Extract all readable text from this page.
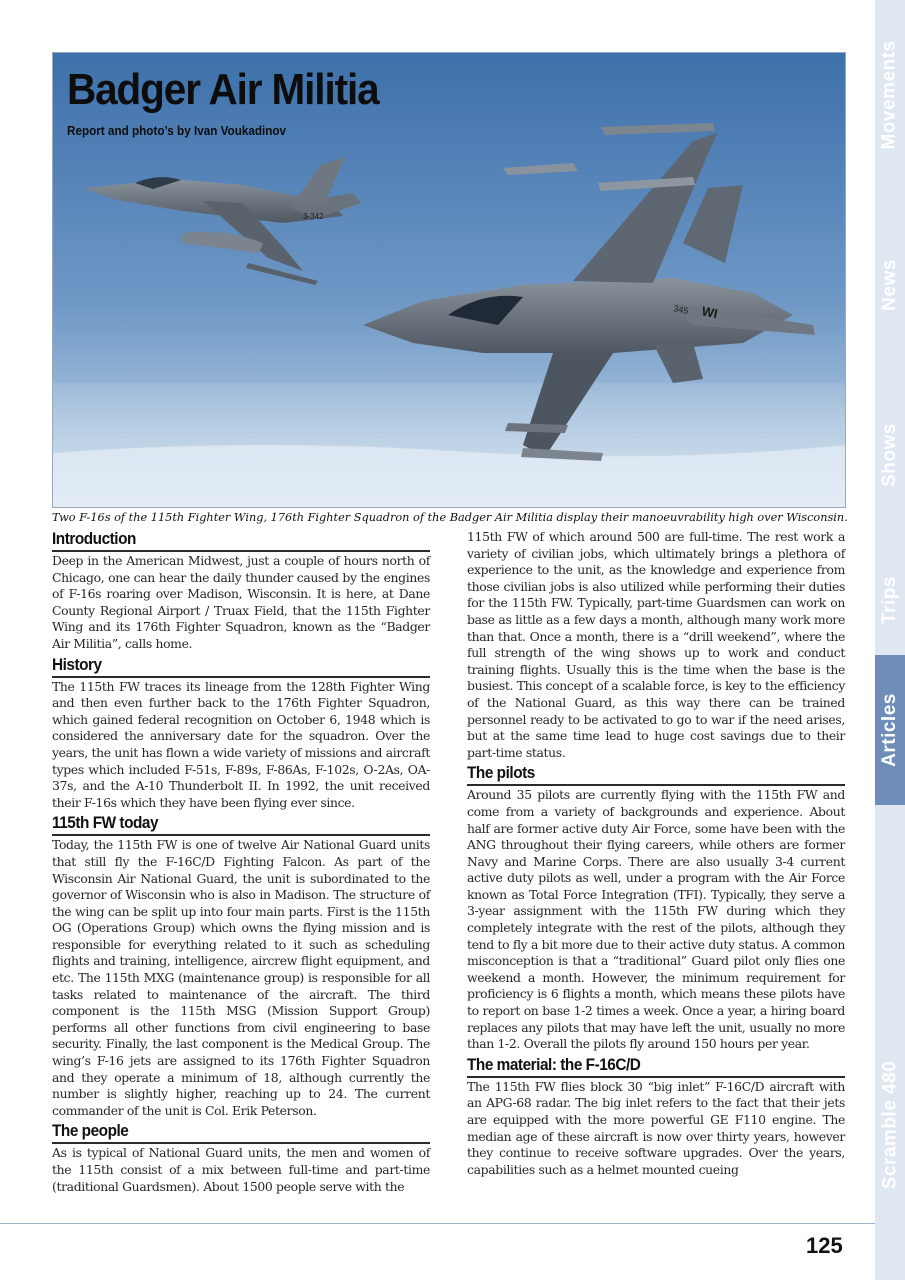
Movements
News
Shows
Trips
Articles
Scramble 480
WI
345
3-342
Badger Air Militia
Report and photo’s by Ivan Voukadinov
Two F-16s of the 115th Fighter Wing, 176th Fighter Squadron of the Badger Air Militia display their manoeuvrability high over Wisconsin.
Introduction

Deep in the American Midwest, just a couple of hours north of Chicago, one can hear the daily thunder caused by the engines of F-16s roaring over Madison, Wisconsin. It is here, at Dane County Regional Airport / Truax Field, that the 115th Fighter Wing and its 176th Fighter Squadron, known as the “Badger Air Militia”, calls home.

History

The 115th FW traces its lineage from the 128th Fighter Wing and then even further back to the 176th Fighter Squadron, which gained federal recognition on October 6, 1948 which is considered the anniversary date for the squadron. Over the years, the unit has flown a wide variety of missions and aircraft types which included F-51s, F-89s, F-86As, F-102s, O-2As, OA-37s, and the A-10 Thunderbolt II. In 1992, the unit received their F-16s which they have been flying ever since.

115th FW today

Today, the 115th FW is one of twelve Air National Guard units that still fly the F-16C/D Fighting Falcon. As part of the Wisconsin Air National Guard, the unit is subordinated to the governor of Wisconsin who is also in Madison. The structure of the wing can be split up into four main parts. First is the 115th OG (Operations Group) which owns the flying mission and is responsible for everything related to it such as scheduling flights and training, intelligence, aircrew flight equipment, and etc. The 115th MXG (maintenance group) is responsible for all tasks related to maintenance of the aircraft. The third component is the 115th MSG (Mission Support Group) performs all other functions from civil engineering to base security. Finally, the last component is the Medical Group. The wing’s F-16 jets are assigned to its 176th Fighter Squadron and they operate a minimum of 18, although currently the number is slightly higher, reaching up to 24. The current commander of the unit is Col. Erik Peterson.

The people

As is typical of National Guard units, the men and women of the 115th consist of a mix between full-time and part-time (traditional Guardsmen). About 1500 people serve with the

115th FW of which around 500 are full-time. The rest work a variety of civilian jobs, which ultimately brings a plethora of experience to the unit, as the knowledge and experience from those civilian jobs is also utilized while performing their duties for the 115th FW. Typically, part-time Guardsmen can work on base as little as a few days a month, although many work more than that. Once a month, there is a “drill weekend”, where the full strength of the wing shows up to work and conduct training flights. Usually this is the time when the base is the busiest. This concept of a scalable force, is key to the efficiency of the National Guard, as this way there can be trained personnel ready to be activated to go to war if the need arises, but at the same time lead to huge cost savings due to their part-time status.

The pilots

Around 35 pilots are currently flying with the 115th FW and come from a variety of backgrounds and experience. About half are former active duty Air Force, some have been with the ANG throughout their flying careers, while others are former Navy and Marine Corps. There are also usually 3-4 current active duty pilots as well, under a program with the Air Force known as Total Force Integration (TFI). Typically, they serve a 3-year assignment with the 115th FW during which they completely integrate with the rest of the pilots, although they tend to fly a bit more due to their active duty status. A common misconception is that a “traditional” Guard pilot only flies one weekend a month. However, the minimum requirement for proficiency is 6 flights a month, which means these pilots have to report on base 1-2 times a week. Once a year, a hiring board replaces any pilots that may have left the unit, usually no more than 1-2. Overall the pilots fly around 150 hours per year.

The material: the F-16C/D

The 115th FW flies block 30 “big inlet” F-16C/D aircraft with an APG-68 radar. The big inlet refers to the fact that their jets are equipped with the more powerful GE F110 engine. The median age of these aircraft is now over thirty years, however they continue to receive software upgrades. Over the years, capabilities such as a helmet mounted cueing

125
